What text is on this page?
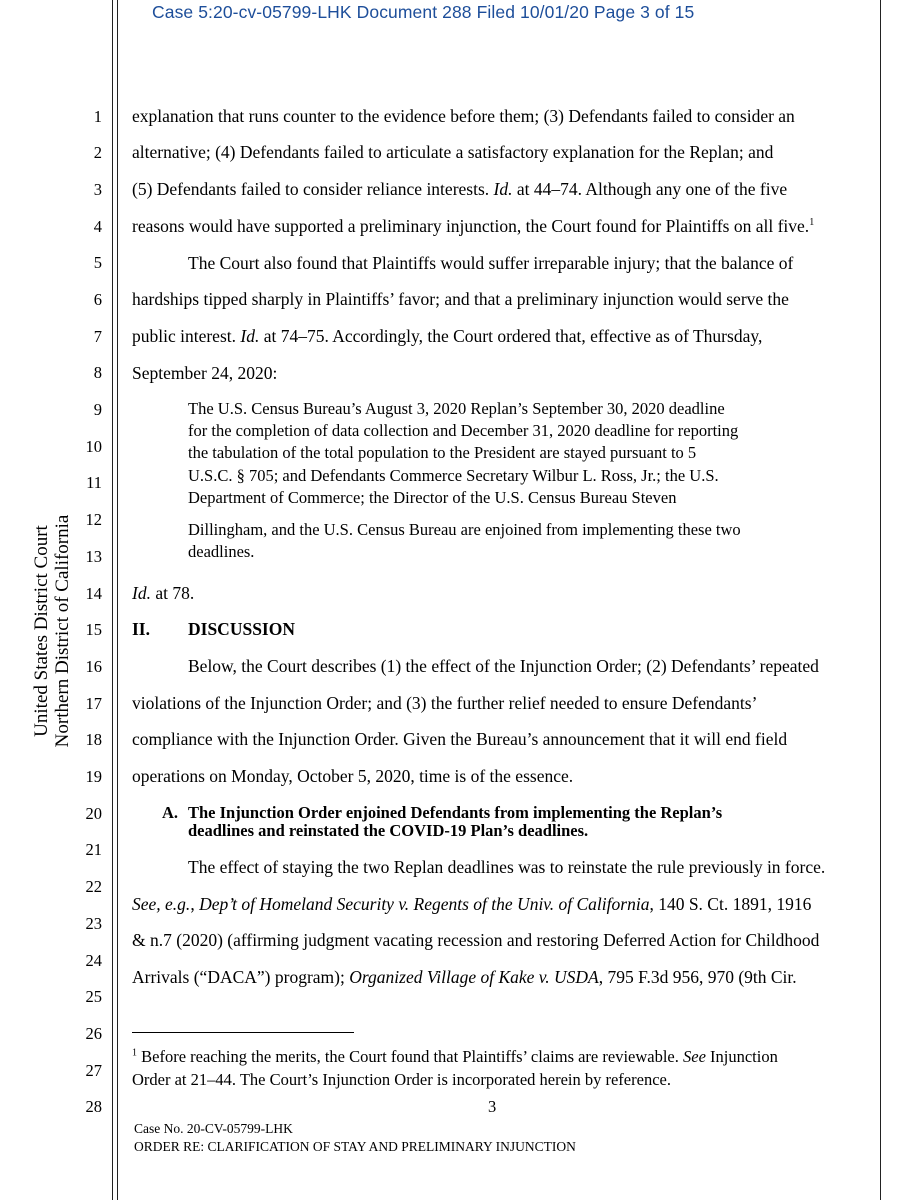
Case 5:20-cv-05799-LHK Document 288 Filed 10/01/20 Page 3 of 15
United States District Court Northern District of California
1
2
3
4
5
6
7
8
9
10
11
12
13
14
15
16
17
18
19
20
21
22
23
24
25
26
27
28
explanation that runs counter to the evidence before them; (3) Defendants failed to consider an
alternative; (4) Defendants failed to articulate a satisfactory explanation for the Replan; and
(5) Defendants failed to consider reliance interests. Id. at 44–74. Although any one of the five
reasons would have supported a preliminary injunction, the Court found for Plaintiffs on all five.$^1$
The Court also found that Plaintiffs would suffer irreparable injury; that the balance of
hardships tipped sharply in Plaintiffs’ favor; and that a preliminary injunction would serve the
public interest. Id. at 74–75. Accordingly, the Court ordered that, effective as of Thursday,
September 24, 2020:
The U.S. Census Bureau’s August 3, 2020 Replan’s September 30, 2020 deadline
for the completion of data collection and December 31, 2020 deadline for reporting
the tabulation of the total population to the President are stayed pursuant to 5
U.S.C. § 705; and Defendants Commerce Secretary Wilbur L. Ross, Jr.; the U.S.
Department of Commerce; the Director of the U.S. Census Bureau Steven
Dillingham, and the U.S. Census Bureau are enjoined from implementing these two
deadlines.
Id. at 78.
II. DISCUSSION
Below, the Court describes (1) the effect of the Injunction Order; (2) Defendants’ repeated
violations of the Injunction Order; and (3) the further relief needed to ensure Defendants’
compliance with the Injunction Order. Given the Bureau’s announcement that it will end field
operations on Monday, October 5, 2020, time is of the essence.
A. The Injunction Order enjoined Defendants from implementing the Replan’s
deadlines and reinstated the COVID-19 Plan’s deadlines.
The effect of staying the two Replan deadlines was to reinstate the rule previously in force.
See, e.g., Dep’t of Homeland Security v. Regents of the Univ. of California, 140 S. Ct. 1891, 1916
& n.7 (2020) (affirming judgment vacating recession and restoring Deferred Action for Childhood
Arrivals (“DACA”) program); Organized Village of Kake v. USDA, 795 F.3d 956, 970 (9th Cir.
$^1$ Before reaching the merits, the Court found that Plaintiffs’ claims are reviewable. See Injunction
Order at 21–44. The Court’s Injunction Order is incorporated herein by reference.
3
Case No. 20-CV-05799-LHK
ORDER RE: CLARIFICATION OF STAY AND PRELIMINARY INJUNCTION
